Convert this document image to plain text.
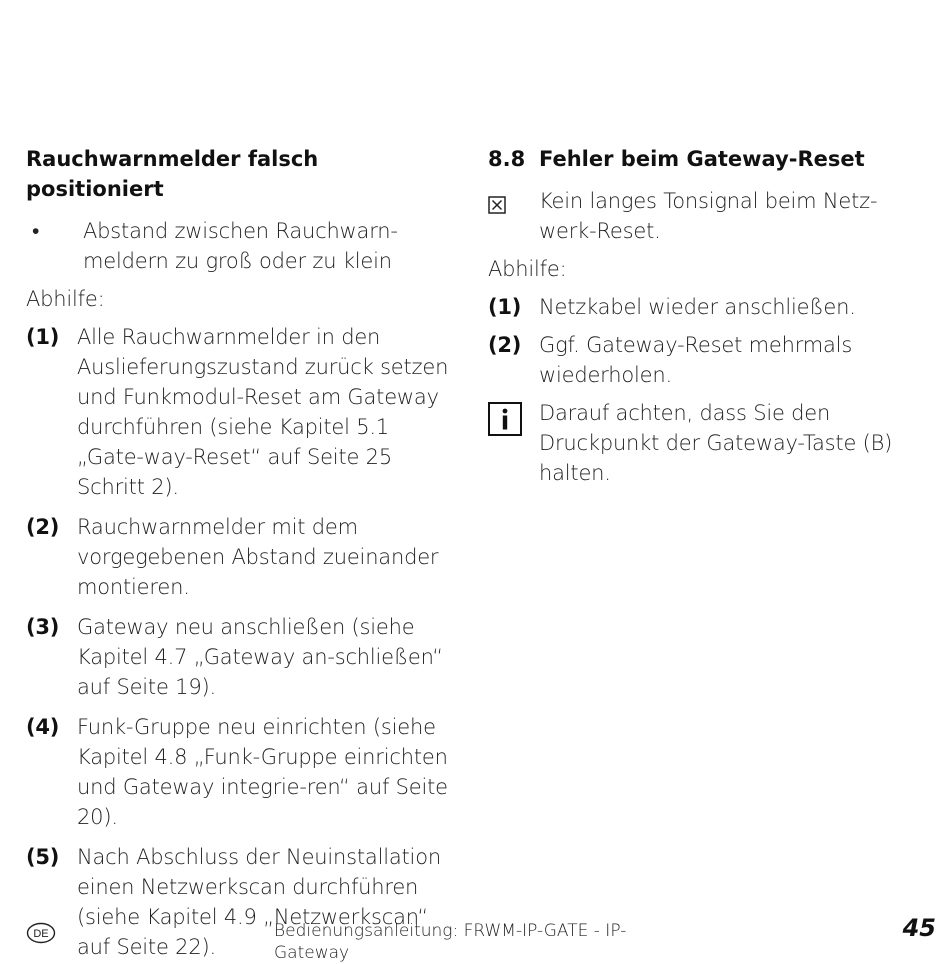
Rauchwarnmelder falsch positioniert
•	Abstand zwischen Rauchwarn-
meldern zu groß oder zu klein
Abhilfe:
(1) Alle Rauchwarnmelder in den Auslieferungszustand zurück setzen und Funkmodul-Reset am Gateway durchführen (siehe Kapitel 5.1 „Gate-way-Reset“ auf Seite 25 Schritt 2).
(2) Rauchwarnmelder mit dem vorgegebenen Abstand zueinander montieren.
(3) Gateway neu anschließen (siehe Kapitel 4.7 „Gateway an-schließen“ auf Seite 19).
(4) Funk-Gruppe neu einrichten (siehe Kapitel 4.8 „Funk-Gruppe einrichten und Gateway integrie-ren“ auf Seite 20).
(5) Nach Abschluss der Neuinstallation einen Netzwerkscan durchführen (siehe Kapitel 4.9 „Netzwerkscan“ auf Seite 22).
8.8 Fehler beim Gateway-Reset
Kein langes Tonsignal beim Netz-werk-Reset.
Abhilfe:
(1) Netzkabel wieder anschließen.
(2) Ggf. Gateway-Reset mehrmals wiederholen.
Darauf achten, dass Sie den Druckpunkt der Gateway-Taste (B) halten.
DE	Bedienungsanleitung: FRWM-IP-GATE - IP-Gateway
45
